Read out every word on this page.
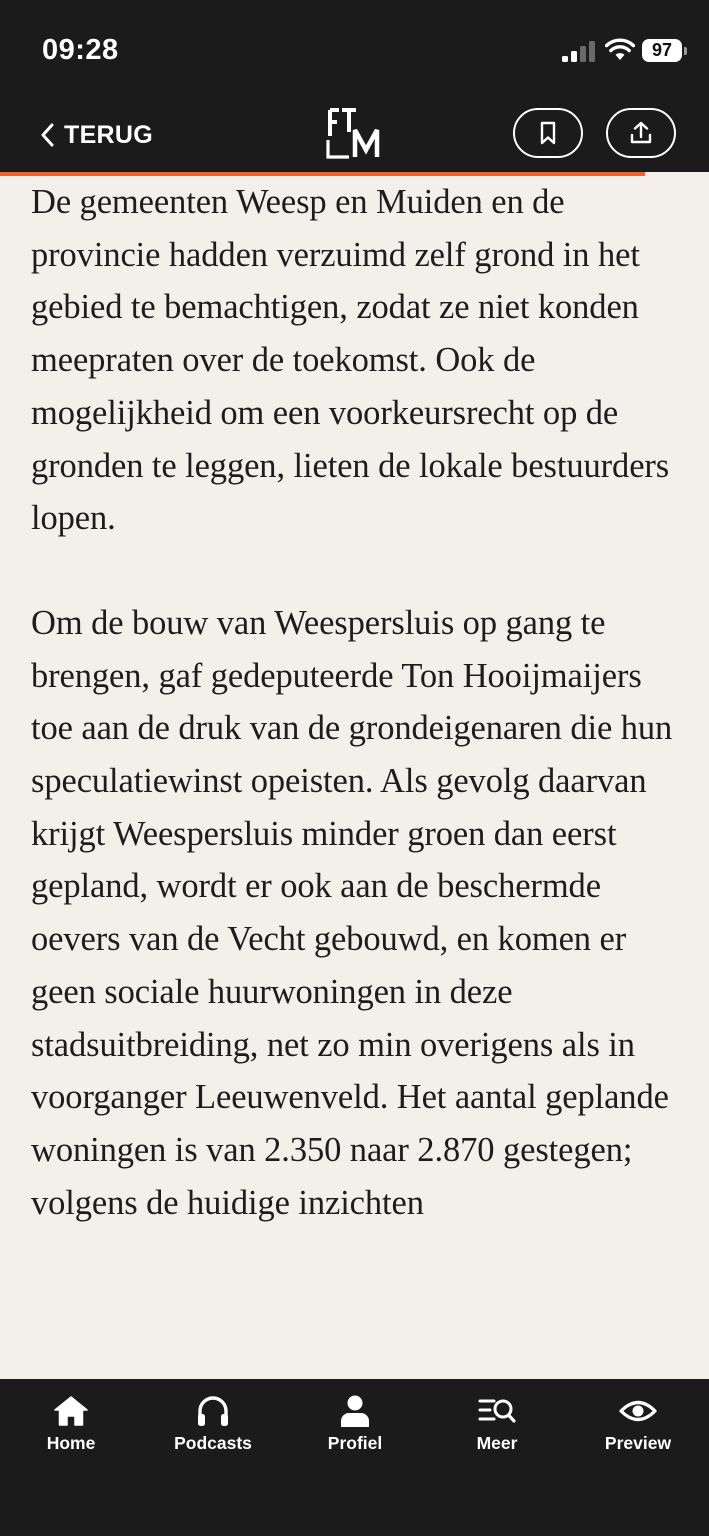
09:28	97
TERUG

De gemeenten Weesp en Muiden en de provincie hadden verzuimd zelf grond in het gebied te bemachtigen, zodat ze niet konden meepraten over de toekomst. Ook de mogelijkheid om een voorkeursrecht op de gronden te leggen, lieten de lokale bestuurders lopen.

Om de bouw van Weespersluis op gang te brengen, gaf gedeputeerde Ton Hooijmaijers toe aan de druk van de grondeigenaren die hun speculatiewinst opeisten. Als gevolg daarvan krijgt Weespersluis minder groen dan eerst gepland, wordt er ook aan de beschermde oevers van de Vecht gebouwd, en komen er geen sociale huurwoningen in deze stadsuitbreiding, net zo min overigens als in voorganger Leeuwenveld. Het aantal geplande woningen is van 2.350 naar 2.870 gestegen; volgens de huidige inzichten

Home	Podcasts	Profiel	Meer	Preview
